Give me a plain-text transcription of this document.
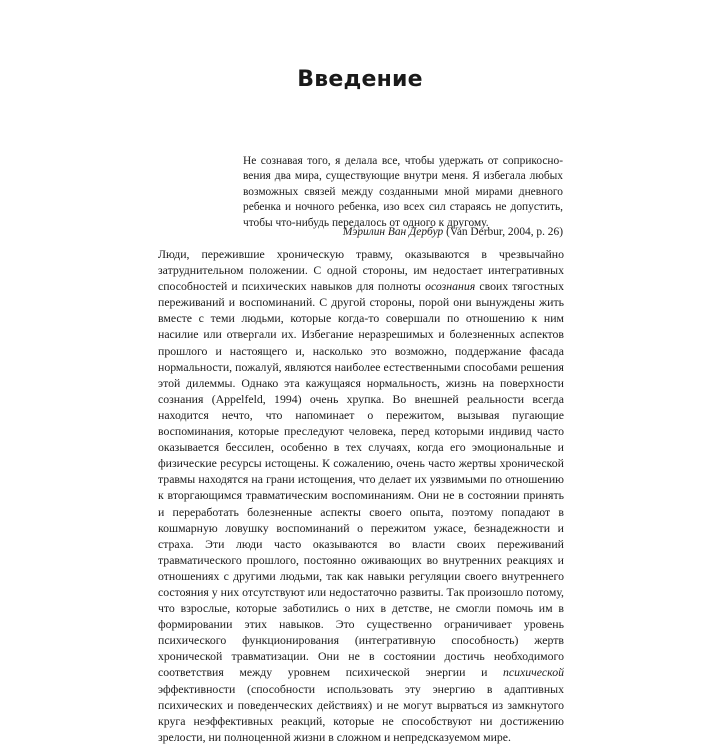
Введение

Не сознавая того, я делала все, чтобы удержать от соприкосно-вения два мира, существующие внутри меня. Я избегала любых возможных связей между созданными мной мирами дневного ребенка и ночного ребенка, изо всех сил стараясь не допустить, чтобы что-нибудь передалось от одного к другому.

Мэрилин Ван Дербур (Van Derbur, 2004, p. 26)

Люди, пережившие хроническую травму, оказываются в чрезвычайно затруднительном положении. С одной стороны, им недостает интегративных способностей и психических навыков для полноты осознания своих тягостных переживаний и воспоминаний. С другой стороны, порой они вынуждены жить вместе с теми людьми, которые когда-то совершали по отношению к ним насилие или отвергали их. Избегание неразрешимых и болезненных аспектов прошлого и настоящего и, насколько это возможно, поддержание фасада нормальности, пожалуй, являются наиболее естественными способами решения этой дилеммы. Однако эта кажущаяся нормальность, жизнь на поверхности сознания (Appelfeld, 1994) очень хрупка. Во внешней реальности всегда находится нечто, что напоминает о пережитом, вызывая пугающие воспоминания, которые преследуют человека, перед которыми индивид часто оказывается бессилен, особенно в тех случаях, когда его эмоциональные и физические ресурсы истощены. К сожалению, очень часто жертвы хронической травмы находятся на грани истощения, что делает их уязвимыми по отношению к вторгающимся травматическим воспоминаниям. Они не в состоянии принять и переработать болезненные аспекты своего опыта, поэтому попадают в кошмарную ловушку воспоминаний о пережитом ужасе, безнадежности и страха. Эти люди часто оказываются во власти своих переживаний травматического прошлого, постоянно оживающих во внутренних реакциях и отношениях с другими людьми, так как навыки регуляции своего внутреннего состояния у них отсутствуют или недостаточно развиты. Так произошло потому, что взрослые, которые заботились о них в детстве, не смогли помочь им в формировании этих навыков. Это существенно ограничивает уровень психического функционирования (интегративную способность) жертв хронической травматизации. Они не в состоянии достичь необходимого соответствия между уровнем психической энергии и психической эффективности (способности использовать эту энергию в адаптивных психических и поведенческих действиях) и не могут вырваться из замкнутого круга неэффективных реакций, которые не способствуют ни достижению зрелости, ни полноценной жизни в сложном и непредсказуемом мире.
